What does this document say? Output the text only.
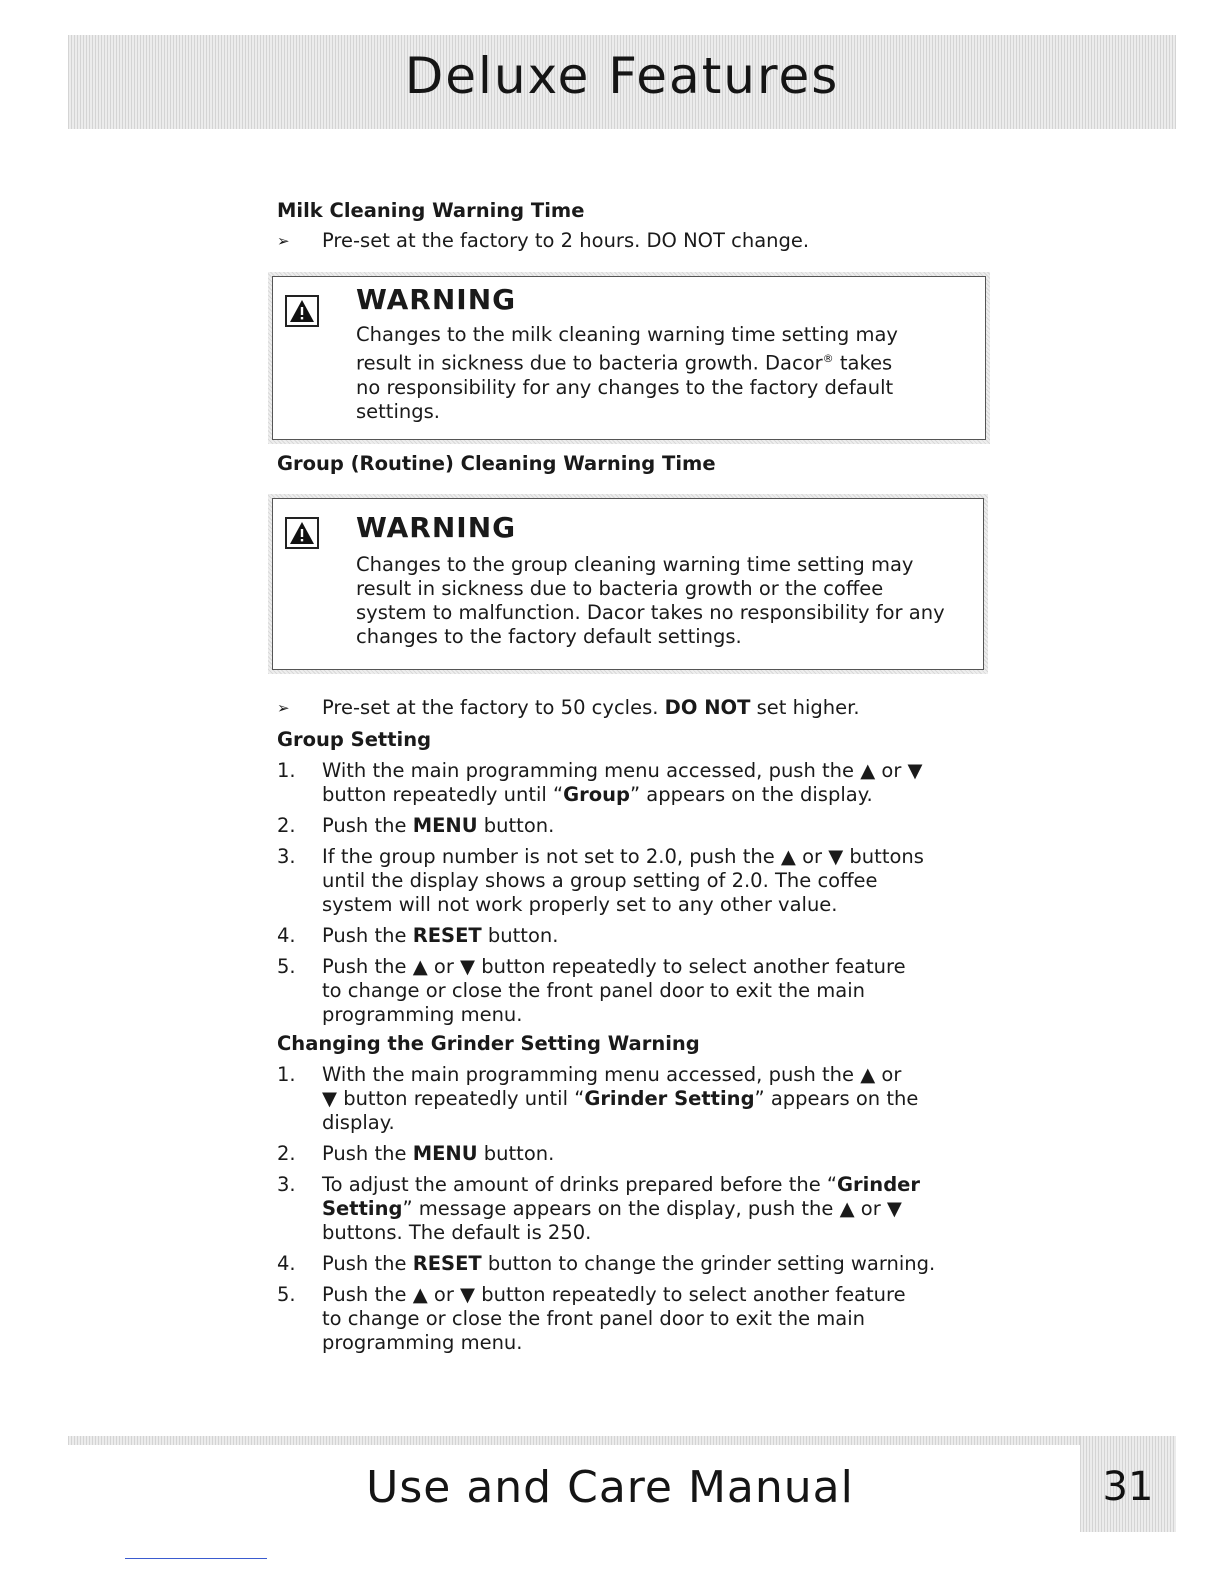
Deluxe Features
Milk Cleaning Warning Time
➢ Pre-set at the factory to 2 hours. DO NOT change.
WARNING
Changes to the milk cleaning warning time setting may
result in sickness due to bacteria growth. Dacor® takes
no responsibility for any changes to the factory default
settings.
Group (Routine) Cleaning Warning Time
WARNING
Changes to the group cleaning warning time setting may
result in sickness due to bacteria growth or the coffee
system to malfunction. Dacor takes no responsibility for any
changes to the factory default settings.
➢ Pre-set at the factory to 50 cycles. DO NOT set higher.
Group Setting
1. With the main programming menu accessed, push the ▲ or ▼
button repeatedly until “Group” appears on the display.
2. Push the MENU button.
3. If the group number is not set to 2.0, push the ▲ or ▼ buttons
until the display shows a group setting of 2.0. The coffee
system will not work properly set to any other value.
4. Push the RESET button.
5. Push the ▲ or ▼ button repeatedly to select another feature
to change or close the front panel door to exit the main
programming menu.
Changing the Grinder Setting Warning
1. With the main programming menu accessed, push the ▲ or
▼ button repeatedly until “Grinder Setting” appears on the
display.
2. Push the MENU button.
3. To adjust the amount of drinks prepared before the “Grinder
Setting” message appears on the display, push the ▲ or ▼
buttons. The default is 250.
4. Push the RESET button to change the grinder setting warning.
5. Push the ▲ or ▼ button repeatedly to select another feature
to change or close the front panel door to exit the main
programming menu.
Use and Care Manual	31
